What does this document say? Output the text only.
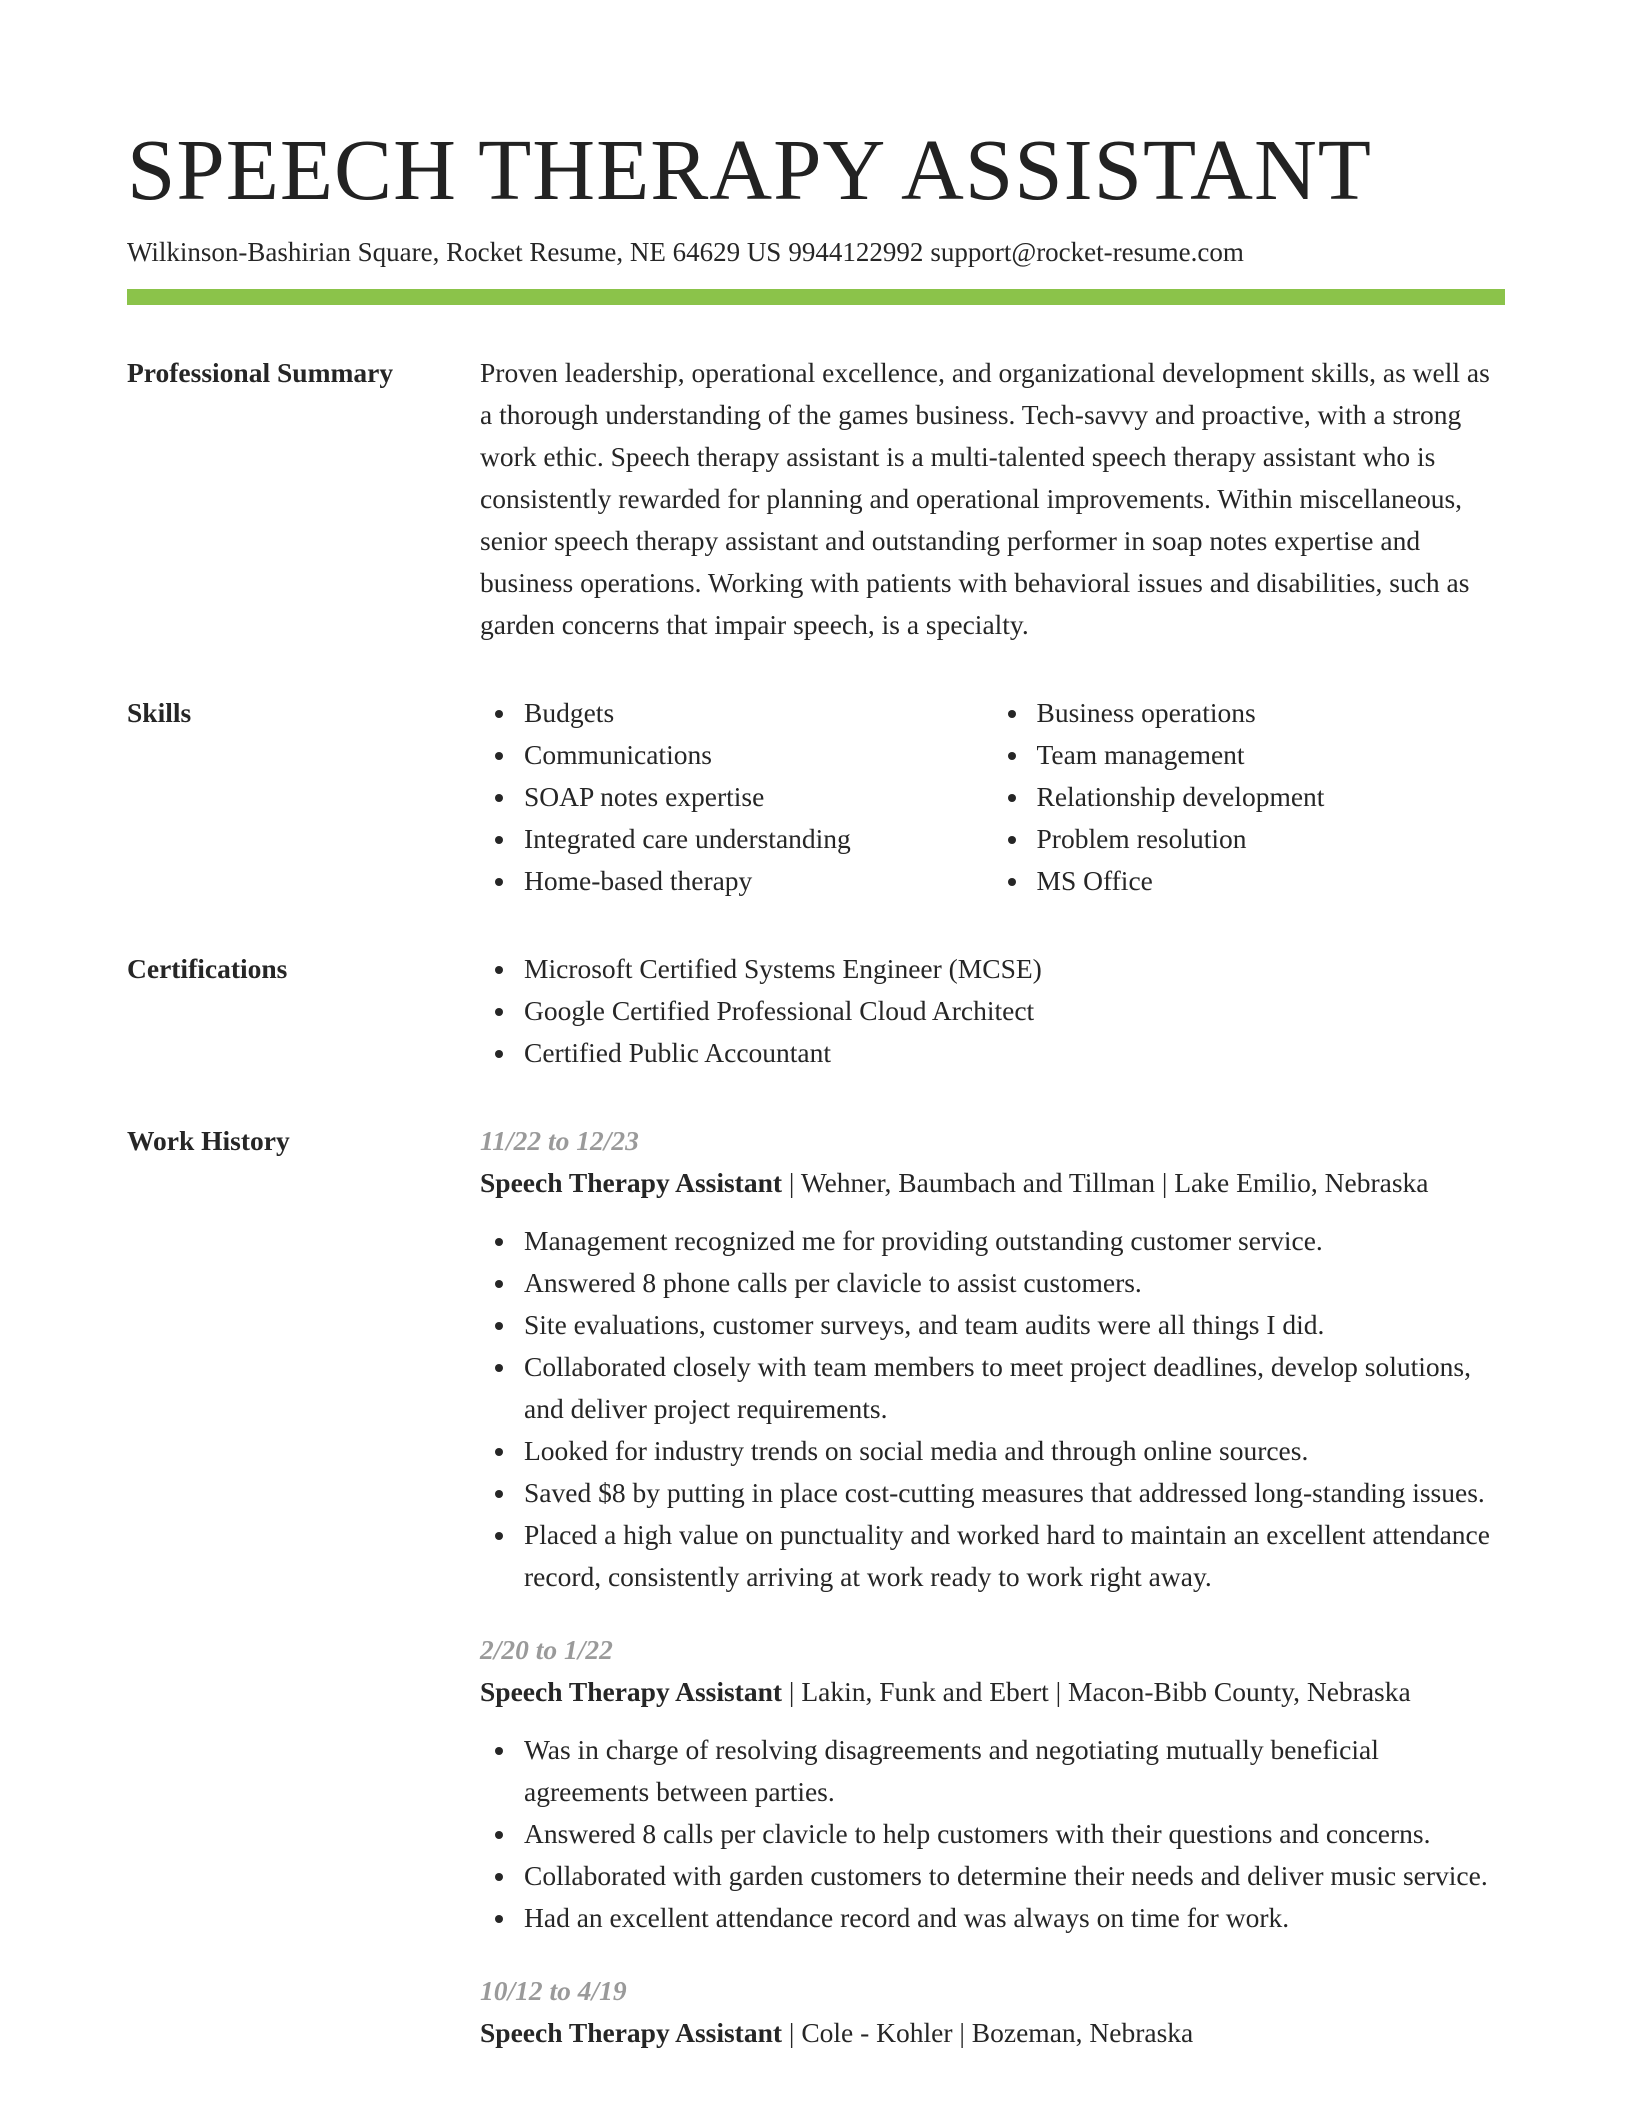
SPEECH THERAPY ASSISTANT
Wilkinson-Bashirian Square, Rocket Resume, NE 64629 US 9944122992 support@rocket-resume.com
Professional Summary	Proven leadership, operational excellence, and organizational development skills, as well as a thorough understanding of the games business. Tech-savvy and proactive, with a strong work ethic. Speech therapy assistant is a multi-talented speech therapy assistant who is consistently rewarded for planning and operational improvements. Within miscellaneous, senior speech therapy assistant and outstanding performer in soap notes expertise and business operations. Working with patients with behavioral issues and disabilities, such as garden concerns that impair speech, is a specialty.

Skills	Budgets
Communications
SOAP notes expertise
Integrated care understanding
Home-based therapy
Business operations
Team management
Relationship development
Problem resolution
MS Office
Certifications	Microsoft Certified Systems Engineer (MCSE)
Google Certified Professional Cloud Architect
Certified Public Accountant
Work History	11/22 to 12/23
Speech Therapy Assistant | Wehner, Baumbach and Tillman | Lake Emilio, Nebraska
Management recognized me for providing outstanding customer service.
Answered 8 phone calls per clavicle to assist customers.
Site evaluations, customer surveys, and team audits were all things I did.
Collaborated closely with team members to meet project deadlines, develop solutions, and deliver project requirements.
Looked for industry trends on social media and through online sources.
Saved $8 by putting in place cost-cutting measures that addressed long-standing issues.
Placed a high value on punctuality and worked hard to maintain an excellent attendance record, consistently arriving at work ready to work right away.
2/20 to 1/22
Speech Therapy Assistant | Lakin, Funk and Ebert | Macon-Bibb County, Nebraska
Was in charge of resolving disagreements and negotiating mutually beneficial agreements between parties.
Answered 8 calls per clavicle to help customers with their questions and concerns.
Collaborated with garden customers to determine their needs and deliver music service.
Had an excellent attendance record and was always on time for work.
10/12 to 4/19
Speech Therapy Assistant | Cole - Kohler | Bozeman, Nebraska
